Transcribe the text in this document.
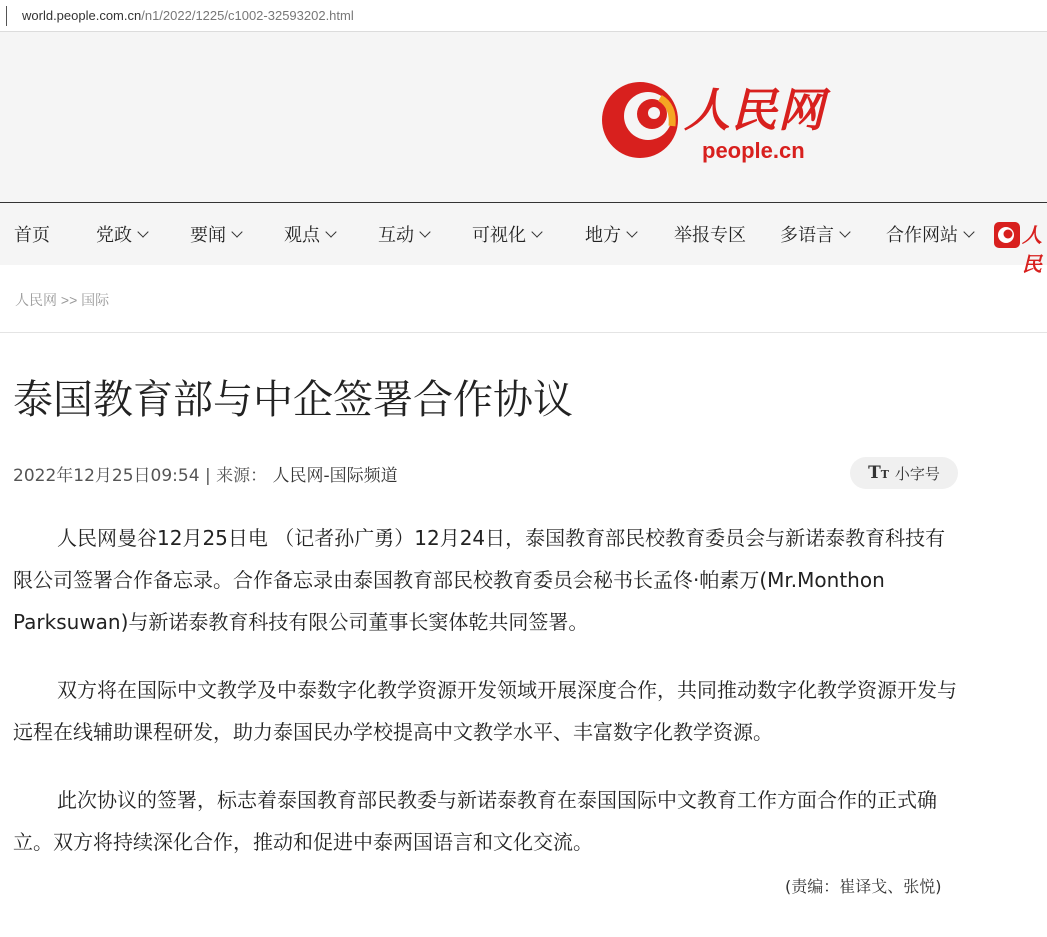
world.people.com.cn/n1/2022/1225/c1002-32593202.html
人民网
people.cn
首页	党政	要闻	观点	互动	可视化	地方	举报专区 多语言	合作网站	人民
人民网 >> 国际
泰国教育部与中企签署合作协议
2022年12月25日09:54 | 来源： 人民网-国际频道	TT 小字号

人民网曼谷12月25日电 （记者孙广勇）12月24日，泰国教育部民校教育委员会与新诺泰教育科技有限公司签署合作备忘录。合作备忘录由泰国教育部民校教育委员会秘书长孟佟·帕素万(Mr.Monthon Parksuwan)与新诺泰教育科技有限公司董事长窦体乾共同签署。

双方将在国际中文教学及中泰数字化教学资源开发领域开展深度合作，共同推动数字化教学资源开发与远程在线辅助课程研发，助力泰国民办学校提高中文教学水平、丰富数字化教学资源。

此次协议的签署，标志着泰国教育部民教委与新诺泰教育在泰国国际中文教育工作方面合作的正式确立。双方将持续深化合作，推动和促进中泰两国语言和文化交流。

(责编：崔译戈、张悦)
